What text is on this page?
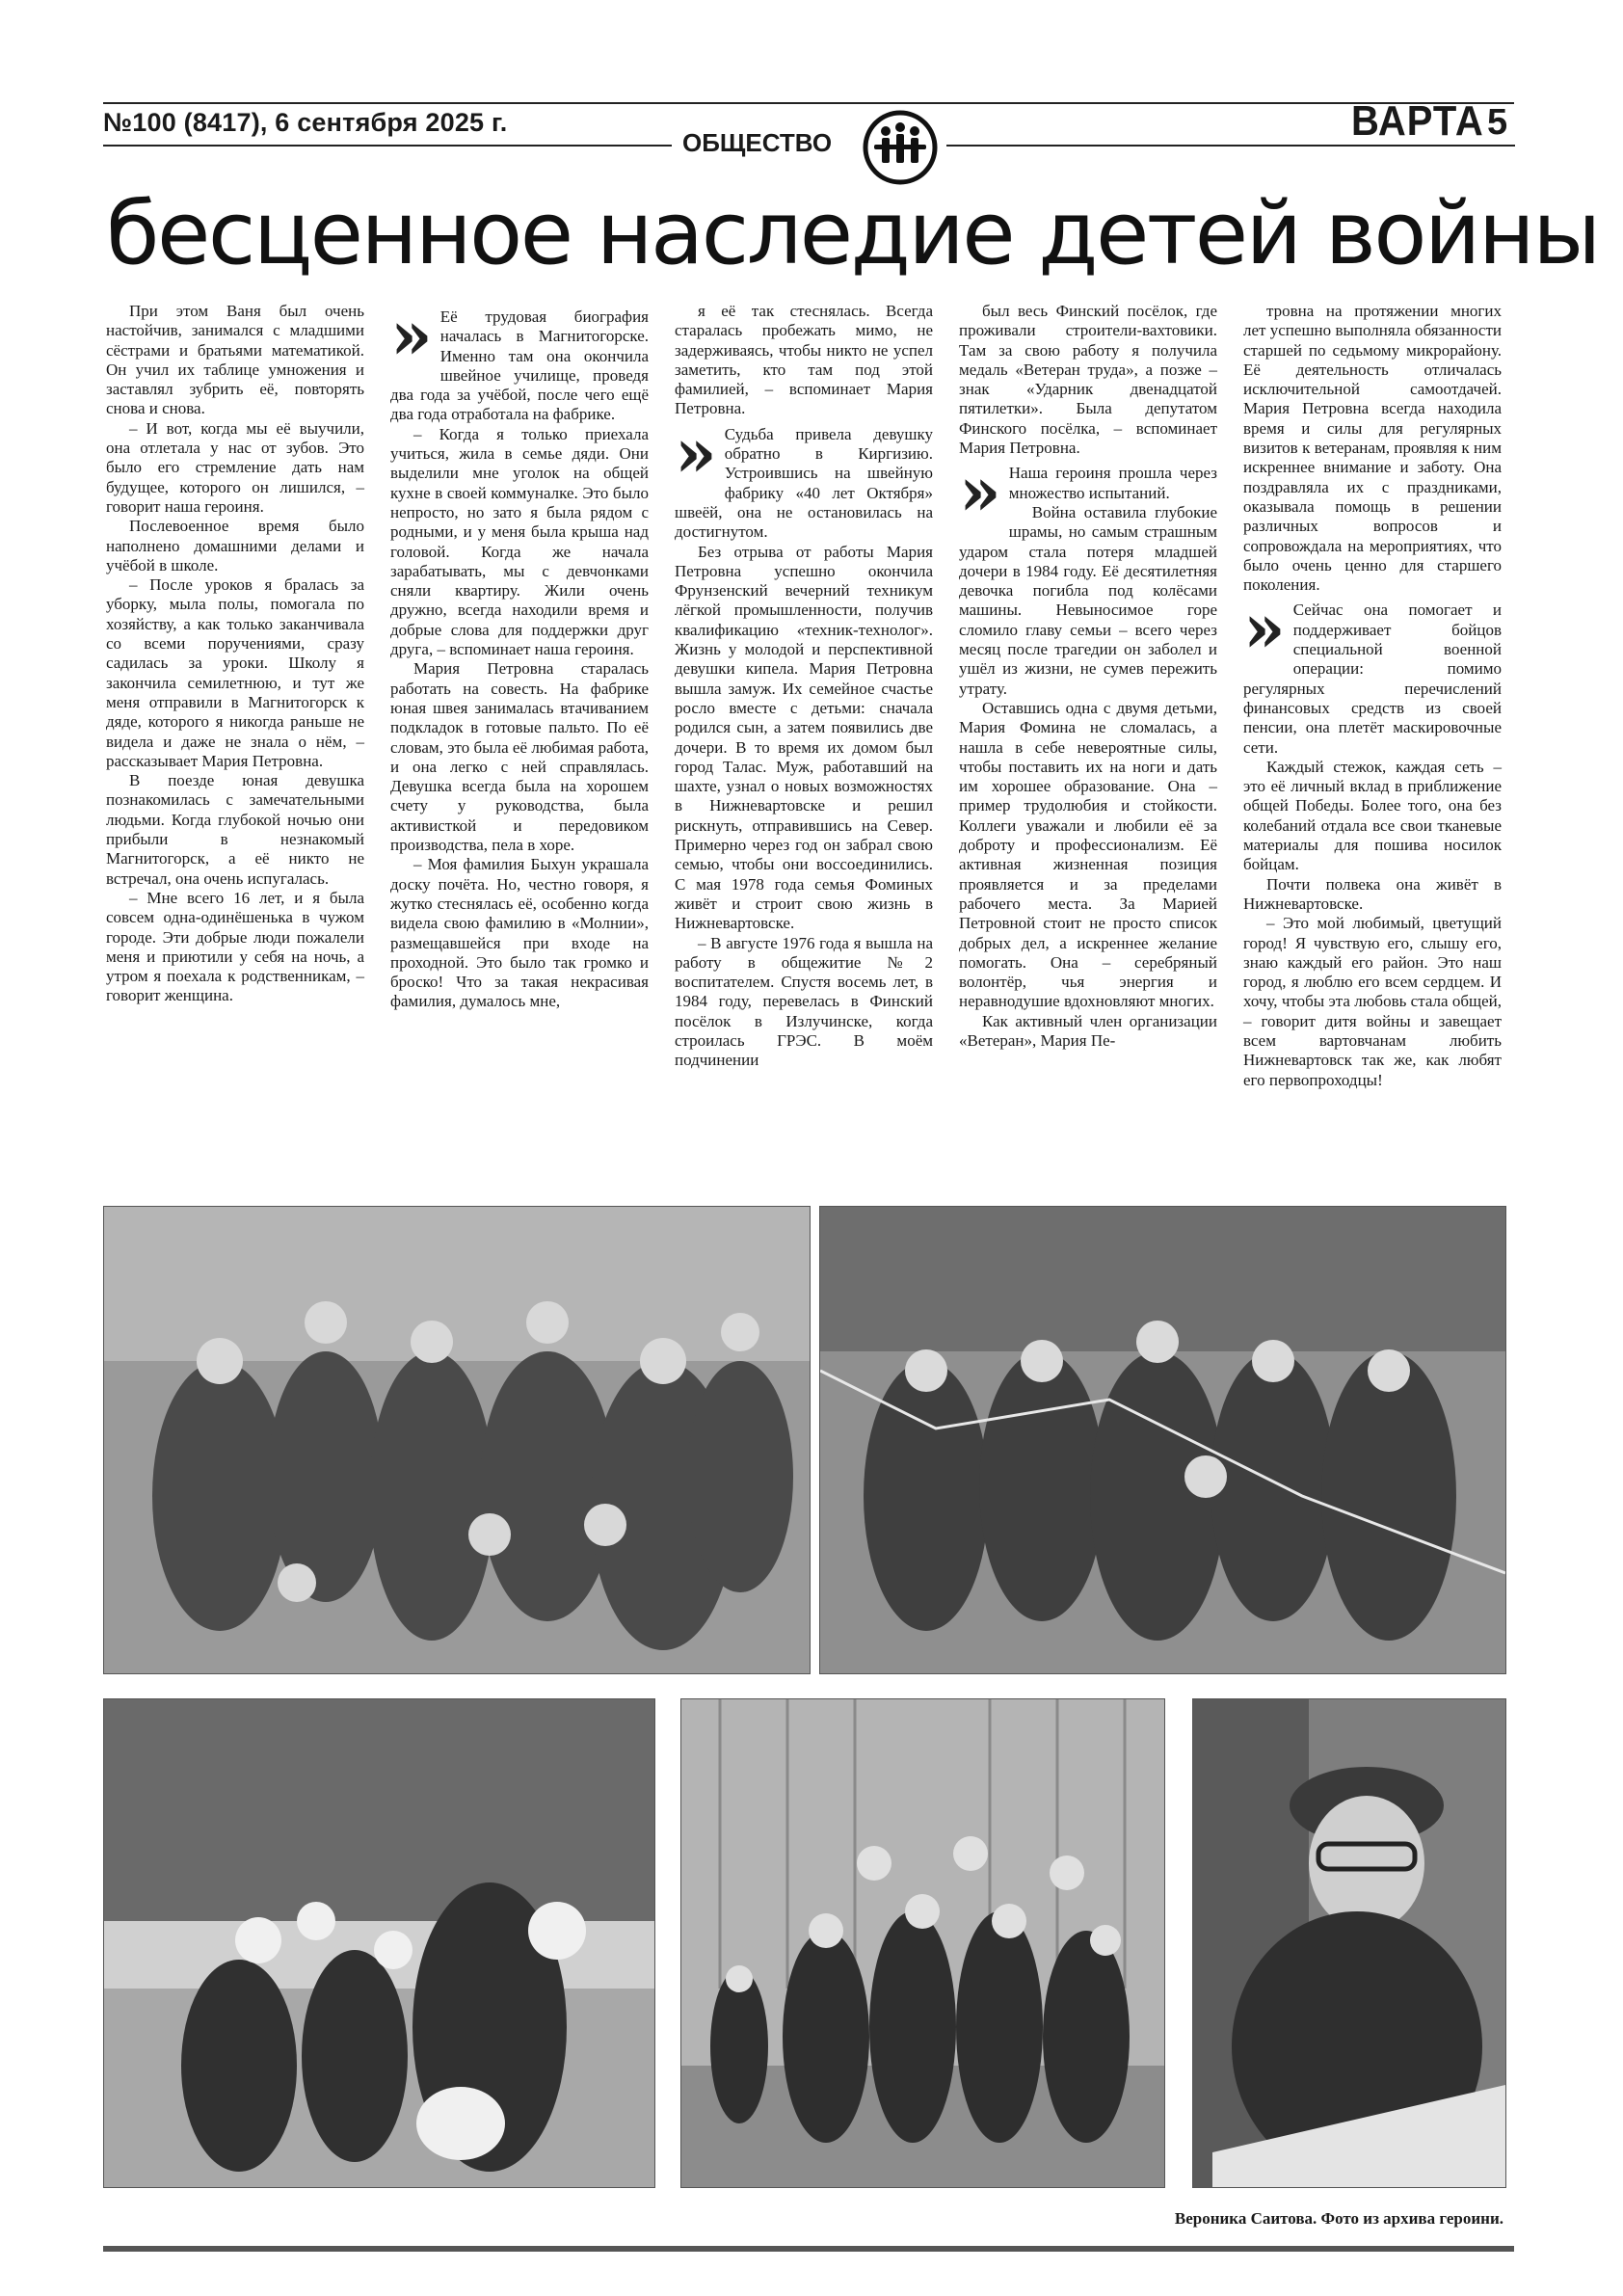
№100 (8417), 6 сентября 2025 г.
ОБЩЕСТВО	ВАРТА 5
бесценное наследие детей войны

При этом Ваня был очень настойчив, занимался с младшими сёстрами и братьями математикой. Он учил их таблице умножения и заставлял зубрить её, повторять снова и снова.

– И вот, когда мы её выучили, она отлетала у нас от зубов. Это было его стремление дать нам будущее, которого он лишился, – говорит наша героиня.

Послевоенное время было наполнено домашними делами и учёбой в школе.

– После уроков я бралась за уборку, мыла полы, помогала по хозяйству, а как только заканчивала со всеми поручениями, сразу садилась за уроки. Школу я закончила семилетнюю, и тут же меня отправили в Магнитогорск к дяде, которого я никогда раньше не видела и даже не знала о нём, – рассказывает Мария Петровна.

В поезде юная девушка познакомилась с замечательными людьми. Когда глубокой ночью они прибыли в незнакомый Магнитогорск, а её никто не встречал, она очень испугалась.

– Мне всего 16 лет, и я была совсем одна-одинёшенька в чужом городе. Эти добрые люди пожалели меня и приютили у себя на ночь, а утром я поехала к родственникам, – говорит женщина.

» Её трудовая биография началась в Магнитогорске. Именно там она окончила швейное училище, проведя два года за учёбой, после чего ещё два года отработала на фабрике.

– Когда я только приехала учиться, жила в семье дяди. Они выделили мне уголок на общей кухне в своей коммуналке. Это было непросто, но зато я была рядом с родными, и у меня была крыша над головой. Когда же начала зарабатывать, мы с девчонками сняли квартиру. Жили очень дружно, всегда находили время и добрые слова для поддержки друг друга, – вспоминает наша героиня.

Мария Петровна старалась работать на совесть. На фабрике юная швея занималась втачиванием подкладок в готовые пальто. По её словам, это была её любимая работа, и она легко с ней справлялась. Девушка всегда была на хорошем счету у руководства, была активисткой и передовиком производства, пела в хоре.

– Моя фамилия Быхун украшала доску почёта. Но, честно говоря, я жутко стеснялась её, особенно когда видела свою фамилию в «Молнии», размещавшейся при входе на проходной. Это было так громко и броско! Что за такая некрасивая фамилия, думалось мне,

я её так стеснялась. Всегда старалась пробежать мимо, не задерживаясь, чтобы никто не успел заметить, кто там под этой фамилией, – вспоминает Мария Петровна.

» Судьба привела девушку обратно в Киргизию. Устроившись на швейную фабрику «40 лет Октября» швеёй, она не остановилась на достигнутом.

Без отрыва от работы Мария Петровна успешно окончила Фрунзенский вечерний техникум лёгкой промышленности, получив квалификацию «техник-технолог». Жизнь у молодой и перспективной девушки кипела. Мария Петровна вышла замуж. Их семейное счастье росло вместе с детьми: сначала родился сын, а затем появились две дочери. В то время их домом был город Талас. Муж, работавший на шахте, узнал о новых возможностях в Нижневартовске и решил рискнуть, отправившись на Север. Примерно через год он забрал свою семью, чтобы они воссоединились. С мая 1978 года семья Фоминых живёт и строит свою жизнь в Нижневартовске.

– В августе 1976 года я вышла на работу в общежитие №2 воспитателем. Спустя восемь лет, в 1984 году, перевелась в Финский посёлок в Излучинске, когда строилась ГРЭС. В моём подчинении

был весь Финский посёлок, где проживали строители-вахтовики. Там за свою работу я получила медаль «Ветеран труда», а позже – знак «Ударник двенадцатой пятилетки». Была депутатом Финского посёлка, – вспоминает Мария Петровна.

» Наша героиня прошла через множество испытаний.

Война оставила глубокие шрамы, но самым страшным ударом стала потеря младшей дочери в 1984 году. Её десятилетняя девочка погибла под колёсами машины. Невыносимое горе сломило главу семьи – всего через месяц после трагедии он заболел и ушёл из жизни, не сумев пережить утрату.

Оставшись одна с двумя детьми, Мария Фомина не сломалась, а нашла в себе невероятные силы, чтобы поставить их на ноги и дать им хорошее образование. Она – пример трудолюбия и стойкости. Коллеги уважали и любили её за доброту и профессионализм. Её активная жизненная позиция проявляется и за пределами рабочего места. За Марией Петровной стоит не просто список добрых дел, а искреннее желание помогать. Она – серебряный волонтёр, чья энергия и неравнодушие вдохновляют многих.

Как активный член организации «Ветеран», Мария Пе-

тровна на протяжении многих лет успешно выполняла обязанности старшей по седьмому микрорайону. Её деятельность отличалась исключительной самоотдачей. Мария Петровна всегда находила время и силы для регулярных визитов к ветеранам, проявляя к ним искреннее внимание и заботу. Она поздравляла их с праздниками, оказывала помощь в решении различных вопросов и сопровождала на мероприятиях, что было очень ценно для старшего поколения.

» Сейчас она помогает и поддерживает бойцов специальной военной операции: помимо регулярных перечислений финансовых средств из своей пенсии, она плетёт маскировочные сети.

Каждый стежок, каждая сеть – это её личный вклад в приближение общей Победы. Более того, она без колебаний отдала все свои тканевые материалы для пошива носилок бойцам.

Почти полвека она живёт в Нижневартовске.

– Это мой любимый, цветущий город! Я чувствую его, слышу его, знаю каждый его район. Это наш город, я люблю его всем сердцем. И хочу, чтобы эта любовь стала общей, – говорит дитя войны и завещает всем вартовчанам любить Нижневартовск так же, как любят его первопроходцы!

Вероника Саитова. Фото из архива героини.
